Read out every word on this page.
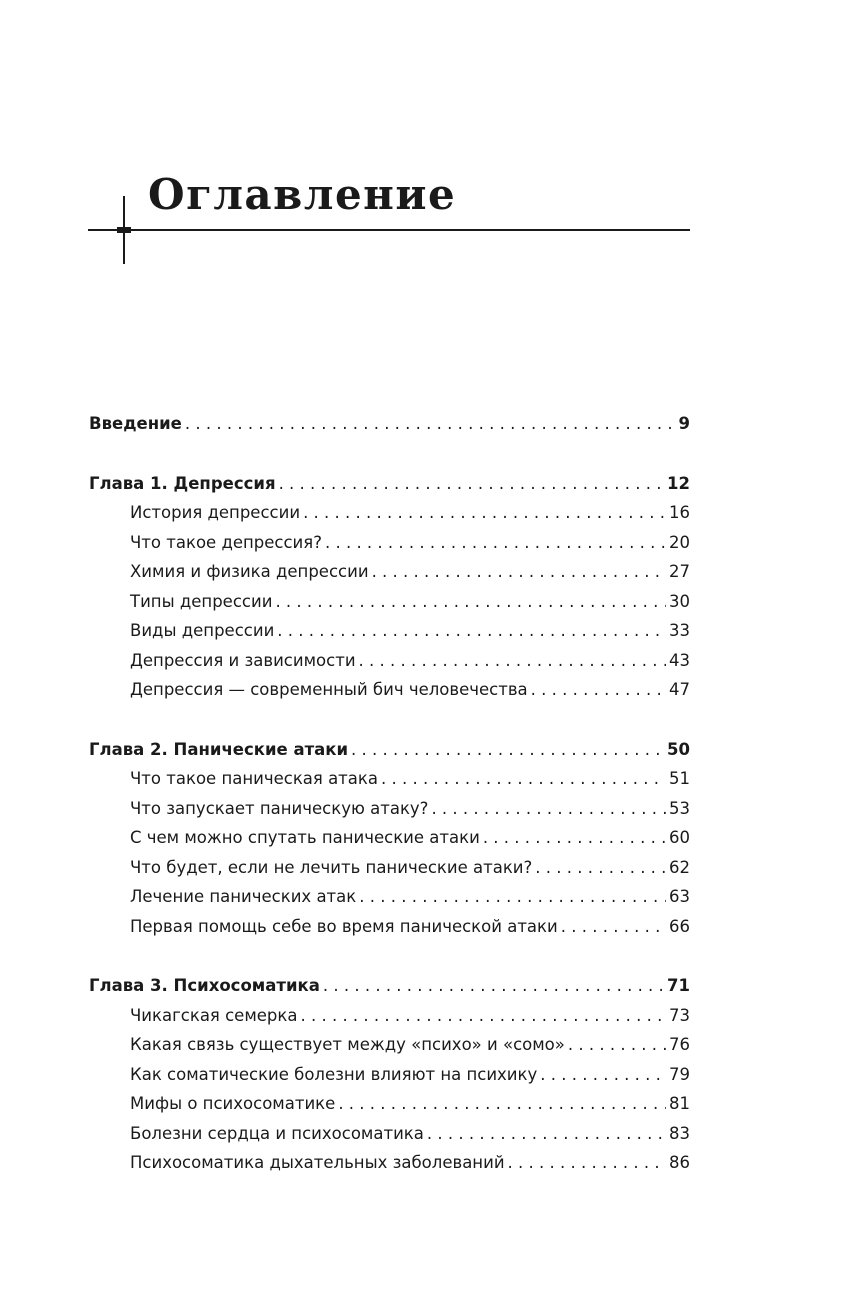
Оглавление
Введение . . .	9
Глава 1. Депрессия . . .	12
История депрессии . . .	16
Что такое депрессия? . . .	20
Химия и физика депрессии . . .	27
Типы депрессии . . .	30
Виды депрессии . . .	33
Депрессия и зависимости . . .	43
Депрессия — современный бич человечества . . .	47
Глава 2. Панические атаки . . .	50
Что такое паническая атака . . .	51
Что запускает паническую атаку? . . .	53
С чем можно спутать панические атаки . . .	60
Что будет, если не лечить панические атаки? . . .	62
Лечение панических атак . . .	63
Первая помощь себе во время панической атаки . . .	66
Глава 3. Психосоматика . . .	71
Чикагская семерка . . .	73
Какая связь существует между «психо» и «сомо» . . .	76
Как соматические болезни влияют на психику . . .	79
Мифы о психосоматике . . .	81
Болезни сердца и психосоматика . . .	83
Психосоматика дыхательных заболеваний . . .	86
